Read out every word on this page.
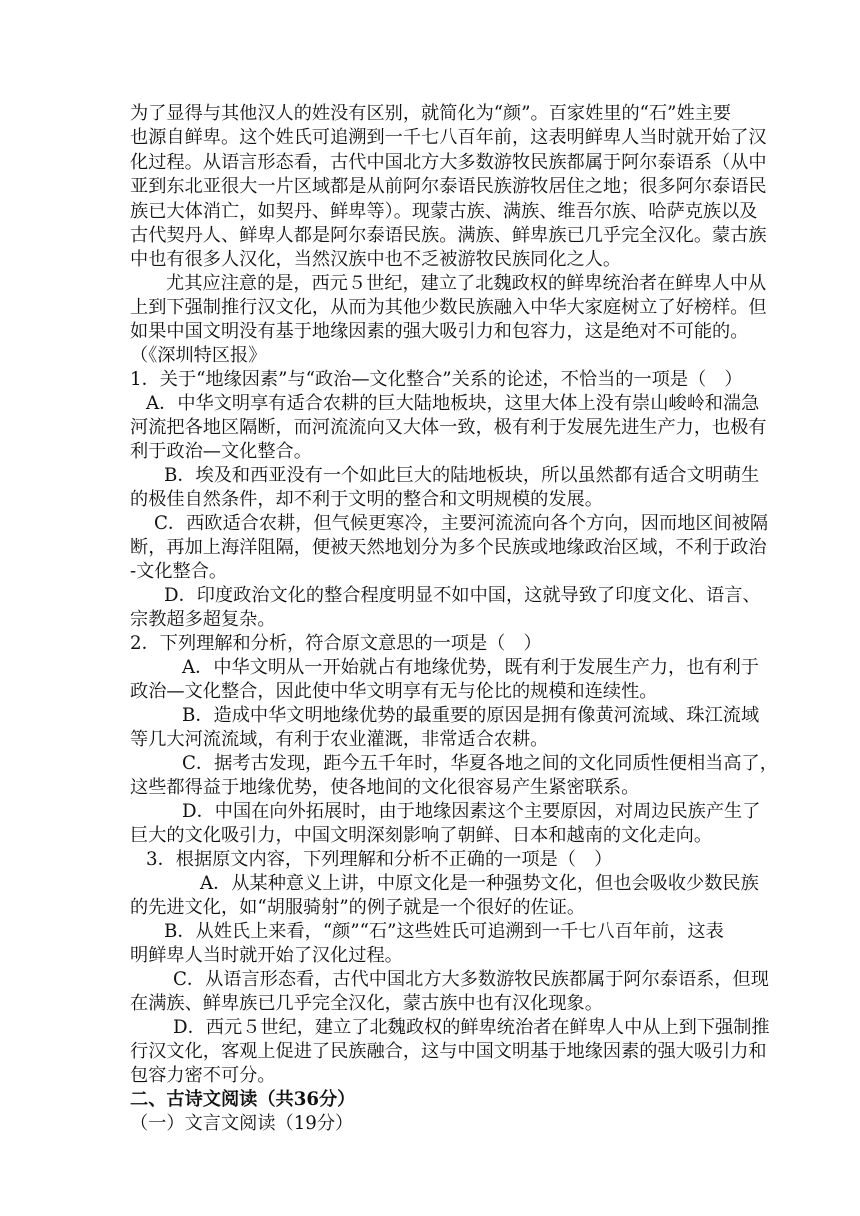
为了显得与其他汉人的姓没有区别，就简化为“颜”。百家姓里的“石”姓主要
也源自鲜卑。这个姓氏可追溯到一千七八百年前，这表明鲜卑人当时就开始了汉
化过程。从语言形态看，古代中国北方大多数游牧民族都属于阿尔泰语系（从中
亚到东北亚很大一片区域都是从前阿尔泰语民族游牧居住之地；很多阿尔泰语民
族已大体消亡，如契丹、鲜卑等）。现蒙古族、满族、维吾尔族、哈萨克族以及
古代契丹人、鲜卑人都是阿尔泰语民族。满族、鲜卑族已几乎完全汉化。蒙古族
中也有很多人汉化，当然汉族中也不乏被游牧民族同化之人。
尤其应注意的是，西元５世纪，建立了北魏政权的鲜卑统治者在鲜卑人中从
上到下强制推行汉文化，从而为其他少数民族融入中华大家庭树立了好榜样。但
如果中国文明没有基于地缘因素的强大吸引力和包容力，这是绝对不可能的。
（《深圳特区报》
1．关于“地缘因素”与“政治—文化整合”关系的论述，不恰当的一项是（　）
A．中华文明享有适合农耕的巨大陆地板块，这里大体上没有崇山峻岭和湍急
河流把各地区隔断，而河流流向又大体一致，极有利于发展先进生产力，也极有
利于政治—文化整合。
B．埃及和西亚没有一个如此巨大的陆地板块，所以虽然都有适合文明萌生
的极佳自然条件，却不利于文明的整合和文明规模的发展。
C．西欧适合农耕，但气候更寒冷，主要河流流向各个方向，因而地区间被隔
断，再加上海洋阻隔，便被天然地划分为多个民族或地缘政治区域，不利于政治
-文化整合。
D．印度政治文化的整合程度明显不如中国，这就导致了印度文化、语言、
宗教超多超复杂。
2．下列理解和分析，符合原文意思的一项是（　）
A．中华文明从一开始就占有地缘优势，既有利于发展生产力，也有利于
政治—文化整合，因此使中华文明享有无与伦比的规模和连续性。
B．造成中华文明地缘优势的最重要的原因是拥有像黄河流域、珠江流域
等几大河流流域，有利于农业灌溉，非常适合农耕。
C．据考古发现，距今五千年时，华夏各地之间的文化同质性便相当高了，
这些都得益于地缘优势，使各地间的文化很容易产生紧密联系。
D．中国在向外拓展时，由于地缘因素这个主要原因，对周边民族产生了
巨大的文化吸引力，中国文明深刻影响了朝鲜、日本和越南的文化走向。
3．根据原文内容，下列理解和分析不正确的一项是（　）
A．从某种意义上讲，中原文化是一种强势文化，但也会吸收少数民族
的先进文化，如“胡服骑射”的例子就是一个很好的佐证。
B．从姓氏上来看，“颜”“石”这些姓氏可追溯到一千七八百年前，这表
明鲜卑人当时就开始了汉化过程。
C．从语言形态看，古代中国北方大多数游牧民族都属于阿尔泰语系，但现
在满族、鲜卑族已几乎完全汉化，蒙古族中也有汉化现象。
D．西元５世纪，建立了北魏政权的鲜卑统治者在鲜卑人中从上到下强制推
行汉文化，客观上促进了民族融合，这与中国文明基于地缘因素的强大吸引力和
包容力密不可分。
二、古诗文阅读（共36分）
（一）文言文阅读（19分）
